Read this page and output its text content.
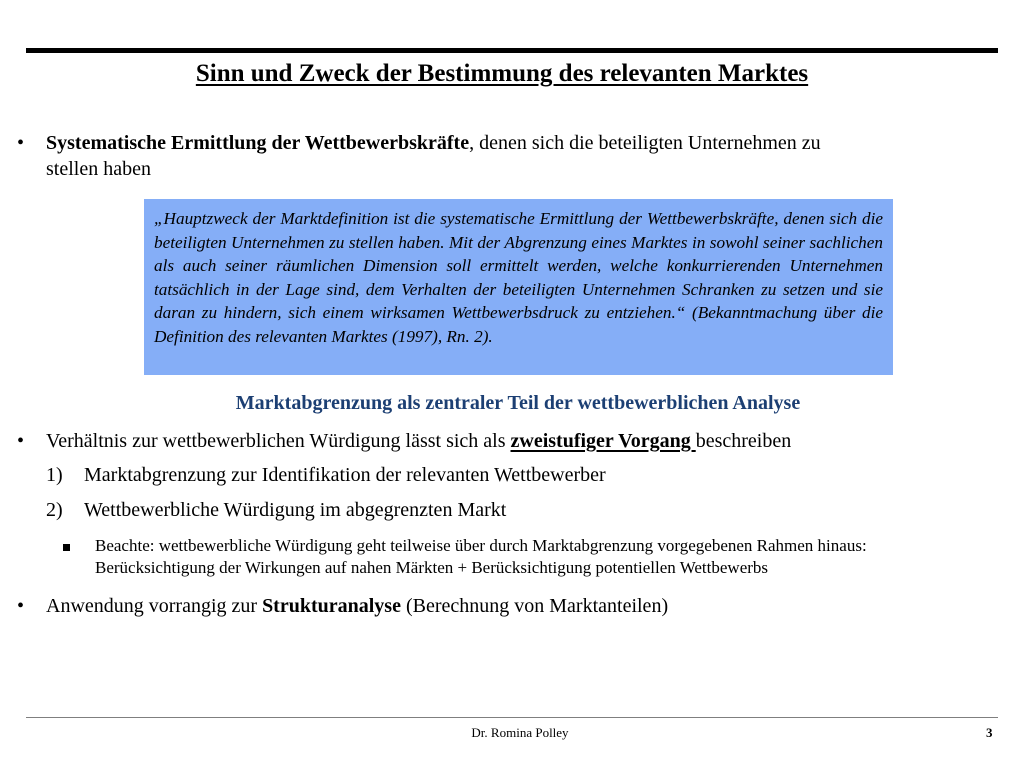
Sinn und Zweck der Bestimmung des relevanten Marktes
• Systematische Ermittlung der Wettbewerbskräfte, denen sich die beteiligten Unternehmen zu
stellen haben
„Hauptzweck der Marktdefinition ist die systematische Ermittlung der Wettbewerbskräfte, denen sich die beteiligten Unternehmen zu stellen haben. Mit der Abgrenzung eines Marktes in sowohl seiner sachlichen als auch seiner räumlichen Dimension soll ermittelt werden, welche konkurrierenden Unternehmen tatsächlich in der Lage sind, dem Verhalten der beteiligten Unternehmen Schranken zu setzen und sie daran zu hindern, sich einem wirksamen Wettbewerbsdruck zu entziehen.“ (Bekanntmachung über die Definition des relevanten Marktes (1997), Rn. 2).
Marktabgrenzung als zentraler Teil der wettbewerblichen Analyse
• Verhältnis zur wettbewerblichen Würdigung lässt sich als zweistufiger Vorgang beschreiben
1) Marktabgrenzung zur Identifikation der relevanten Wettbewerber
2) Wettbewerbliche Würdigung im abgegrenzten Markt
Beachte: wettbewerbliche Würdigung geht teilweise über durch Marktabgrenzung vorgegebenen Rahmen hinaus: Berücksichtigung der Wirkungen auf nahen Märkten + Berücksichtigung potentiellen Wettbewerbs
• Anwendung vorrangig zur Strukturanalyse (Berechnung von Marktanteilen)
Dr. Romina Polley	3
